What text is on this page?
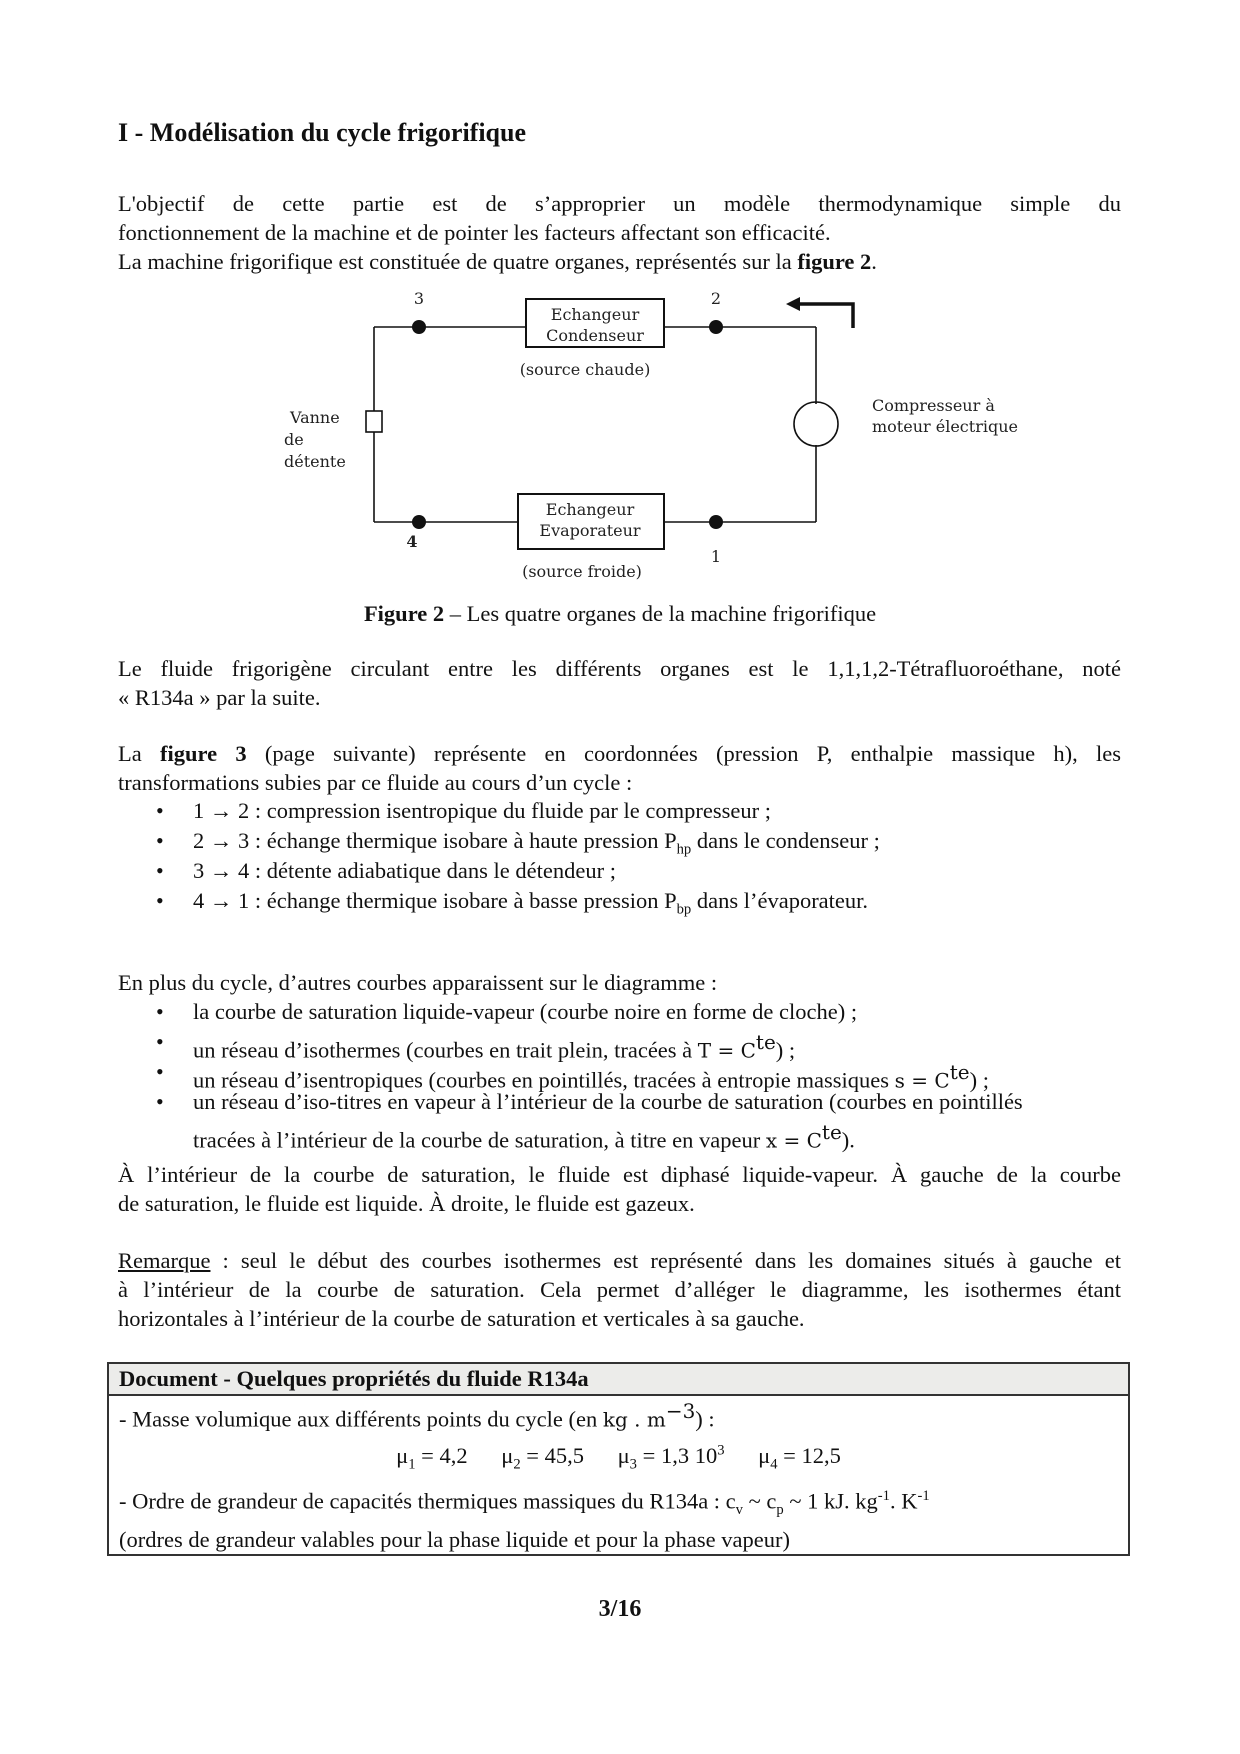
I - Modélisation du cycle frigorifique
L'objectif de cette partie est de s’approprier un modèle thermodynamique simple du
fonctionnement de la machine et de pointer les facteurs affectant son efficacité.
La machine frigorifique est constituée de quatre organes, représentés sur la figure 2.
3	2
4
1
Echangeur
Condenseur
(source chaude)
Echangeur
Evaporateur
(source froide)
Vanne
de
détente
Compresseur à
moteur électrique
Figure 2 – Les quatre organes de la machine frigorifique
Le fluide frigorigène circulant entre les différents organes est le 1,1,1,2-Tétrafluoroéthane, noté
« R134a » par la suite.
La figure 3 (page suivante) représente en coordonnées (pression P, enthalpie massique h), les
transformations subies par ce fluide au cours d’un cycle :
• 1 → 2 : compression isentropique du fluide par le compresseur ;
• 2 → 3 : échange thermique isobare à haute pression $P_{hp}$ dans le condenseur ;
• 3 → 4 : détente adiabatique dans le détendeur ;
• 4 → 1 : échange thermique isobare à basse pression $P_{bp}$ dans l’évaporateur.
En plus du cycle, d’autres courbes apparaissent sur le diagramme :
• la courbe de saturation liquide-vapeur (courbe noire en forme de cloche) ;
• un réseau d’isothermes (courbes en trait plein, tracées à $T = C^{te}$) ;
• un réseau d’isentropiques (courbes en pointillés, tracées à entropie massiques $s = C^{te}$) ;
• un réseau d’iso-titres en vapeur à l’intérieur de la courbe de saturation (courbes en pointillés
tracées à l’intérieur de la courbe de saturation, à titre en vapeur $x = C^{te}$).
À l’intérieur de la courbe de saturation, le fluide est diphasé liquide-vapeur. À gauche de la courbe
de saturation, le fluide est liquide. À droite, le fluide est gazeux.
Remarque : seul le début des courbes isothermes est représenté dans les domaines situés à gauche et
à l’intérieur de la courbe de saturation. Cela permet d’alléger le diagramme, les isothermes étant
horizontales à l’intérieur de la courbe de saturation et verticales à sa gauche.
Document - Quelques propriétés du fluide R134a
- Masse volumique aux différents points du cycle (en kg . $m^{-3}$) :
$\mu_1 = 4,2$ $\mu_2 = 45,5$ $\mu_3 = 1,3$ $10^3$ $\mu_4 = 12,5$
- Ordre de grandeur de capacités thermiques massiques du R134a : $c_v$ ~ $c_p$ ~ 1 kJ. $kg^{-1}$. $K^{-1}$
(ordres de grandeur valables pour la phase liquide et pour la phase vapeur)
3/16
